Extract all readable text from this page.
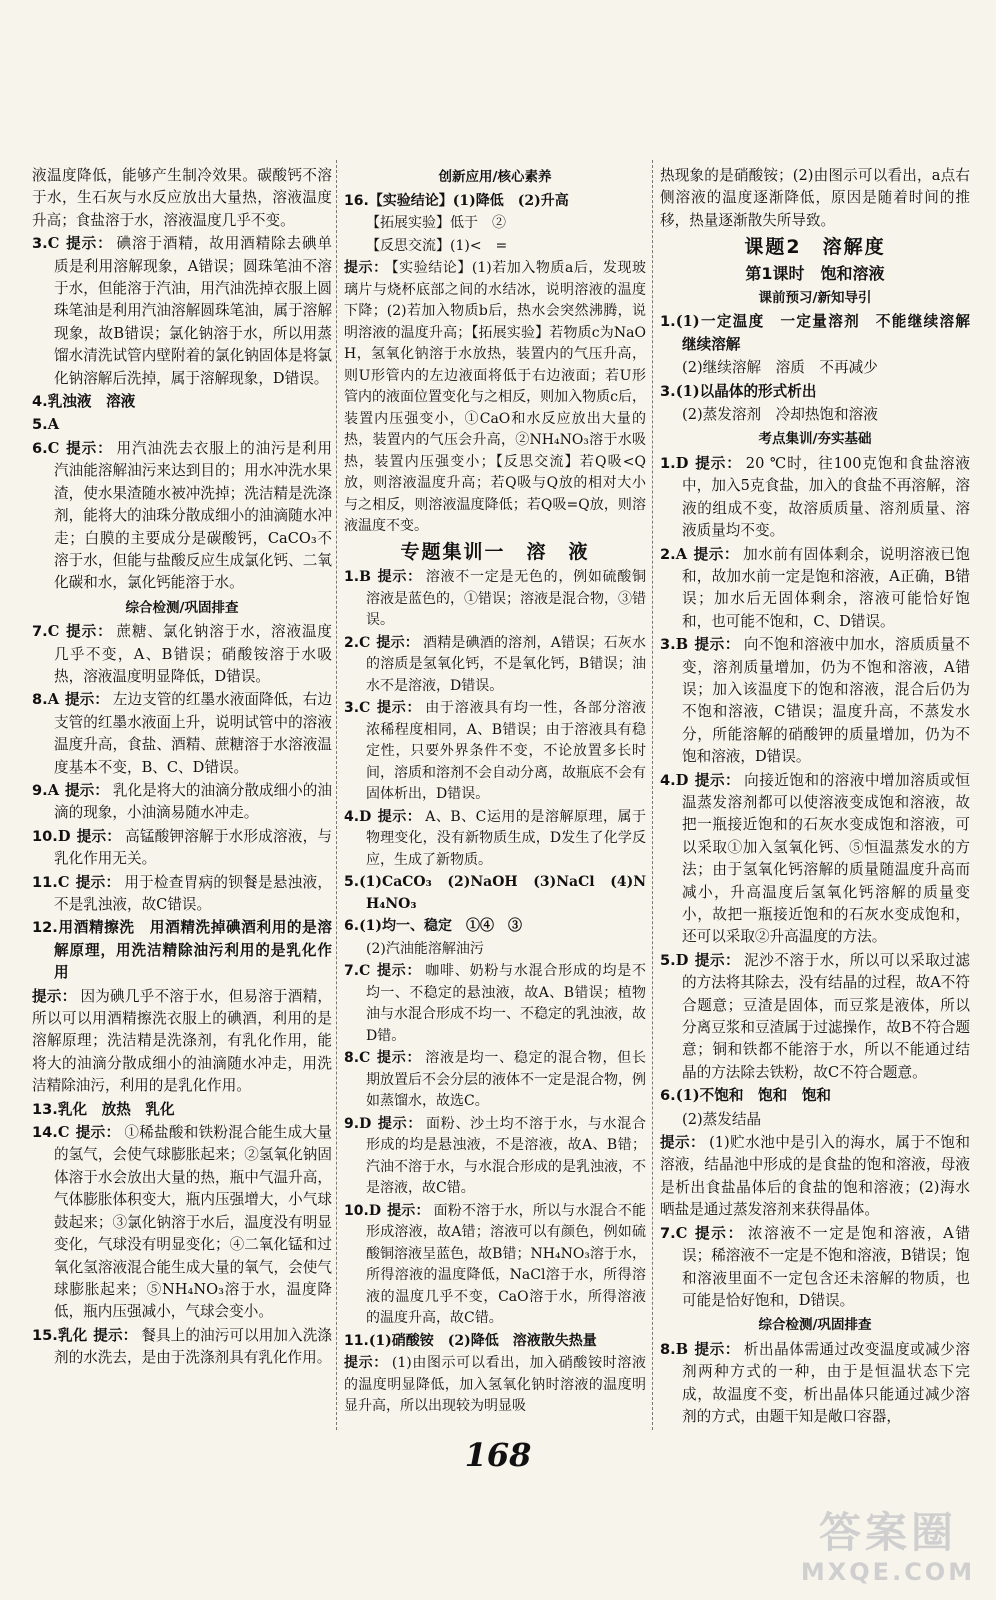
液温度降低，能够产生制冷效果。碳酸钙不溶于水，生石灰与水反应放出大量热，溶液温度升高；食盐溶于水，溶液温度几乎不变。
3.C 提示： 碘溶于酒精，故用酒精除去碘单质是利用溶解现象，A错误；圆珠笔油不溶于水，但能溶于汽油，用汽油洗掉衣服上圆珠笔油是利用汽油溶解圆珠笔油，属于溶解现象，故B错误；氯化钠溶于水，所以用蒸馏水清洗试管内壁附着的氯化钠固体是将氯化钠溶解后洗掉，属于溶解现象，D错误。
4.乳浊液　溶液
5.A
6.C 提示： 用汽油洗去衣服上的油污是利用汽油能溶解油污来达到目的；用水冲洗水果渣，使水果渣随水被冲洗掉；洗洁精是洗涤剂，能将大的油珠分散成细小的油滴随水冲走；白膜的主要成分是碳酸钙，CaCO₃不溶于水，但能与盐酸反应生成氯化钙、二氧化碳和水，氯化钙能溶于水。
综合检测/巩固排查
7.C 提示： 蔗糖、氯化钠溶于水，溶液温度几乎不变，A、B错误；硝酸铵溶于水吸热，溶液温度明显降低，D错误。
8.A 提示： 左边支管的红墨水液面降低，右边支管的红墨水液面上升，说明试管中的溶液温度升高，食盐、酒精、蔗糖溶于水溶液温度基本不变，B、C、D错误。
9.A 提示： 乳化是将大的油滴分散成细小的油滴的现象，小油滴易随水冲走。
10.D 提示： 高锰酸钾溶解于水形成溶液，与乳化作用无关。
11.C 提示： 用于检查胃病的钡餐是悬浊液，不是乳浊液，故C错误。
12.用酒精擦洗　用酒精洗掉碘酒利用的是溶解原理，用洗洁精除油污利用的是乳化作用
提示： 因为碘几乎不溶于水，但易溶于酒精，所以可以用酒精擦洗衣服上的碘酒，利用的是溶解原理；洗洁精是洗涤剂，有乳化作用，能将大的油滴分散成细小的油滴随水冲走，用洗洁精除油污，利用的是乳化作用。
13.乳化　放热　乳化
14.C 提示： ①稀盐酸和铁粉混合能生成大量的氢气，会使气球膨胀起来；②氢氧化钠固体溶于水会放出大量的热，瓶中气温升高，气体膨胀体积变大，瓶内压强增大，小气球鼓起来；③氯化钠溶于水后，温度没有明显变化，气球没有明显变化；④二氧化锰和过氧化氢溶液混合能生成大量的氧气，会使气球膨胀起来；⑤NH₄NO₃溶于水，温度降低，瓶内压强减小，气球会变小。
15.乳化 提示： 餐具上的油污可以用加入洗涤剂的水洗去，是由于洗涤剂具有乳化作用。
创新应用/核心素养
16.【实验结论】(1)降低　(2)升高
【拓展实验】低于　②
【反思交流】(1)<　=
提示： 【实验结论】(1)若加入物质a后，发现玻璃片与烧杯底部之间的水结冰，说明溶液的温度下降；(2)若加入物质b后，热水会突然沸腾，说明溶液的温度升高；【拓展实验】若物质c为NaOH，氢氧化钠溶于水放热，装置内的气压升高，则U形管内的左边液面将低于右边液面；若U形管内的液面位置变化与之相反，则加入物质c后，装置内压强变小，①CaO和水反应放出大量的热，装置内的气压会升高，②NH₄NO₃溶于水吸热，装置内压强变小；【反思交流】若Q吸<Q放，则溶液温度升高；若Q吸与Q放的相对大小与之相反，则溶液温度降低；若Q吸=Q放，则溶液温度不变。
专题集训一　溶　液
1.B 提示： 溶液不一定是无色的，例如硫酸铜溶液是蓝色的，①错误；溶液是混合物，③错误。
2.C 提示： 酒精是碘酒的溶剂，A错误；石灰水的溶质是氢氧化钙，不是氧化钙，B错误；油水不是溶液，D错误。
3.C 提示： 由于溶液具有均一性，各部分溶液浓稀程度相同，A、B错误；由于溶液具有稳定性，只要外界条件不变，不论放置多长时间，溶质和溶剂不会自动分离，故瓶底不会有固体析出，D错误。
4.D 提示： A、B、C运用的是溶解原理，属于物理变化，没有新物质生成，D发生了化学反应，生成了新物质。
5.(1)CaCO₃　(2)NaOH　(3)NaCl　(4)NH₄NO₃
6.(1)均一、稳定　①④　③
(2)汽油能溶解油污
7.C 提示： 咖啡、奶粉与水混合形成的均是不均一、不稳定的悬浊液，故A、B错误；植物油与水混合形成不均一、不稳定的乳浊液，故D错。
8.C 提示： 溶液是均一、稳定的混合物，但长期放置后不会分层的液体不一定是混合物，例如蒸馏水，故选C。
9.D 提示： 面粉、沙土均不溶于水，与水混合形成的均是悬浊液，不是溶液，故A、B错；汽油不溶于水，与水混合形成的是乳浊液，不是溶液，故C错。
10.D 提示： 面粉不溶于水，所以与水混合不能形成溶液，故A错；溶液可以有颜色，例如硫酸铜溶液呈蓝色，故B错；NH₄NO₃溶于水，所得溶液的温度降低，NaCl溶于水，所得溶液的温度几乎不变，CaO溶于水，所得溶液的温度升高，故C错。
11.(1)硝酸铵　(2)降低　溶液散失热量
提示： (1)由图示可以看出，加入硝酸铵时溶液的温度明显降低，加入氢氧化钠时溶液的温度明显升高，所以出现较为明显吸
热现象的是硝酸铵；(2)由图示可以看出，a点右侧溶液的温度逐渐降低，原因是随着时间的推移，热量逐渐散失所导致。
课题2　溶解度
第1课时　饱和溶液
课前预习/新知导引
1.(1)一定温度　一定量溶剂　不能继续溶解　继续溶解
(2)继续溶解　溶质　不再减少
3.(1)以晶体的形式析出
(2)蒸发溶剂　冷却热饱和溶液
考点集训/夯实基础
1.D 提示： 20 ℃时，往100克饱和食盐溶液中，加入5克食盐，加入的食盐不再溶解，溶液的组成不变，故溶质质量、溶剂质量、溶液质量均不变。
2.A 提示： 加水前有固体剩余，说明溶液已饱和，故加水前一定是饱和溶液，A正确，B错误；加水后无固体剩余，溶液可能恰好饱和，也可能不饱和，C、D错误。
3.B 提示： 向不饱和溶液中加水，溶质质量不变，溶剂质量增加，仍为不饱和溶液，A错误；加入该温度下的饱和溶液，混合后仍为不饱和溶液，C错误；温度升高，不蒸发水分，所能溶解的硝酸钾的质量增加，仍为不饱和溶液，D错误。
4.D 提示： 向接近饱和的溶液中增加溶质或恒温蒸发溶剂都可以使溶液变成饱和溶液，故把一瓶接近饱和的石灰水变成饱和溶液，可以采取①加入氢氧化钙、⑤恒温蒸发水的方法；由于氢氧化钙溶解的质量随温度升高而减小，升高温度后氢氧化钙溶解的质量变小，故把一瓶接近饱和的石灰水变成饱和，还可以采取②升高温度的方法。
5.D 提示： 泥沙不溶于水，所以可以采取过滤的方法将其除去，没有结晶的过程，故A不符合题意；豆渣是固体，而豆浆是液体，所以分离豆浆和豆渣属于过滤操作，故B不符合题意；铜和铁都不能溶于水，所以不能通过结晶的方法除去铁粉，故C不符合题意。
6.(1)不饱和　饱和　饱和
(2)蒸发结晶
提示： (1)贮水池中是引入的海水，属于不饱和溶液，结晶池中形成的是食盐的饱和溶液，母液是析出食盐晶体后的食盐的饱和溶液；(2)海水晒盐是通过蒸发溶剂来获得晶体。
7.C 提示： 浓溶液不一定是饱和溶液，A错误；稀溶液不一定是不饱和溶液，B错误；饱和溶液里面不一定包含还未溶解的物质，也可能是恰好饱和，D错误。
综合检测/巩固排查
8.B 提示： 析出晶体需通过改变温度或减少溶剂两种方式的一种，由于是恒温状态下完成，故温度不变，析出晶体只能通过减少溶剂的方式，由题干知是敞口容器，
168
答案圈
MXQE.COM
